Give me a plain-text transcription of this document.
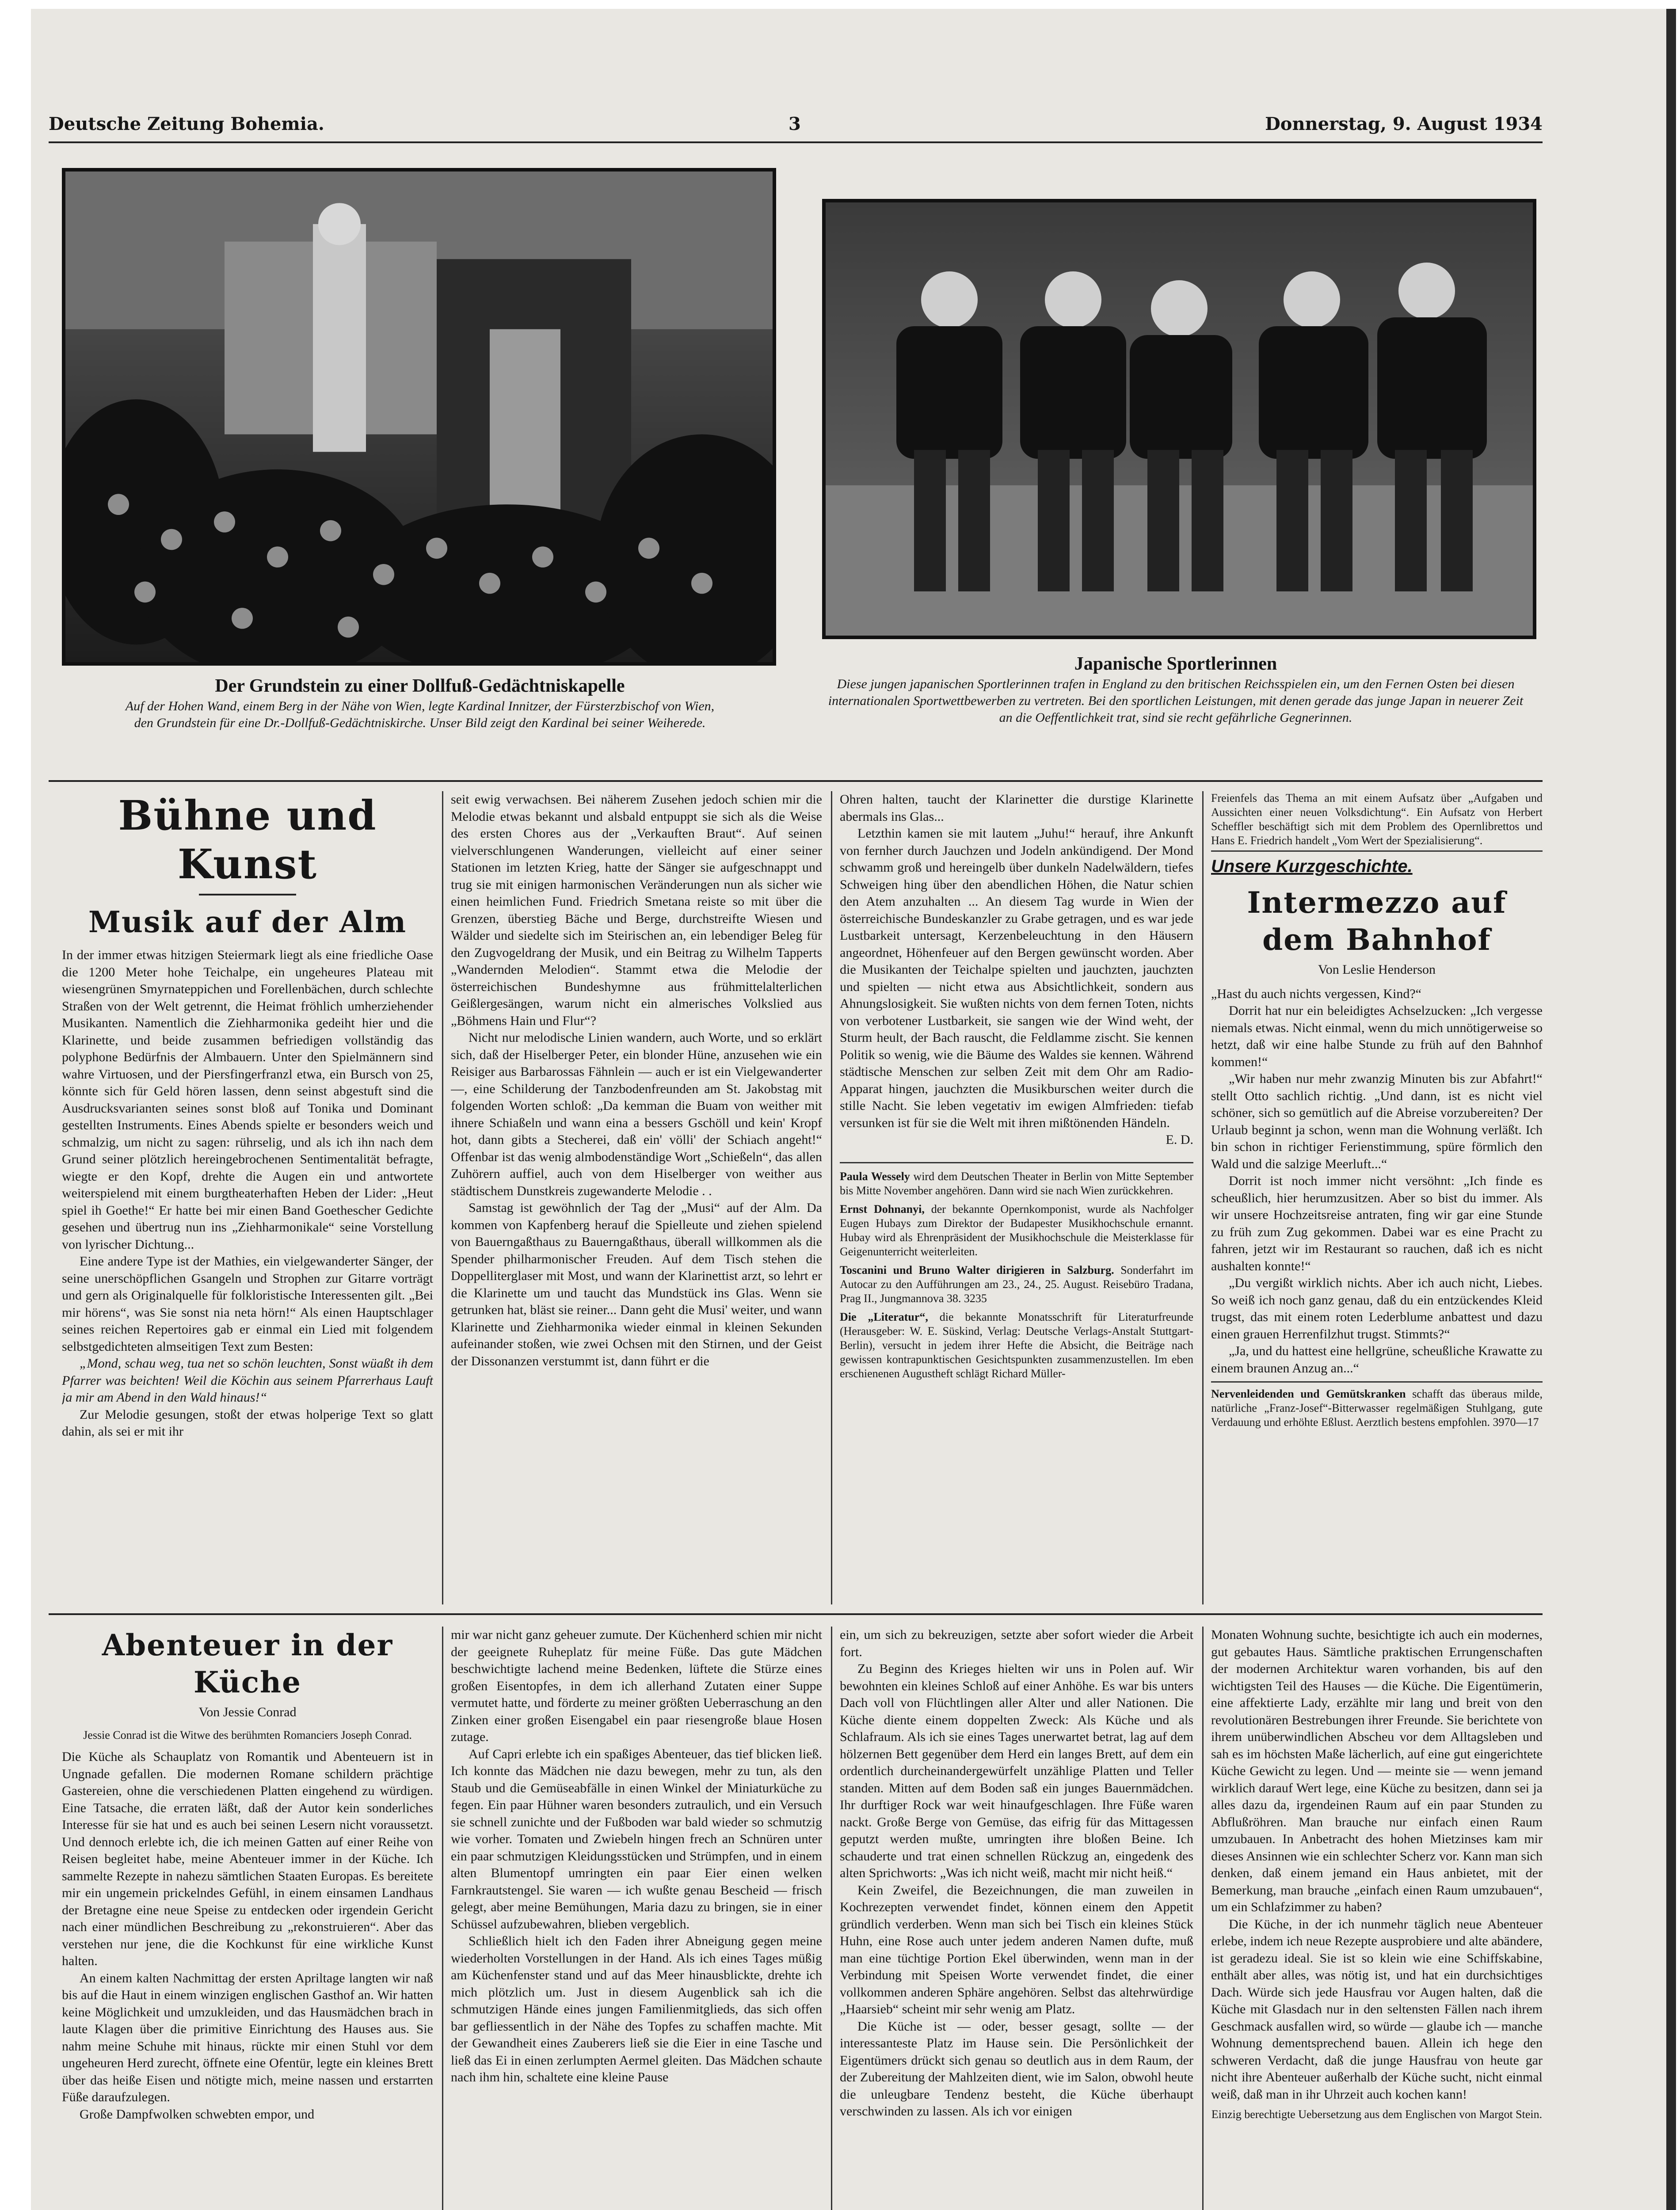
Deutsche Zeitung Bohemia.	3	Donnerstag, 9. August 1934
Der Grundstein zu einer Dollfuß-Gedächtniskapelle
Auf der Hohen Wand, einem Berg in der Nähe von Wien, legte Kardinal Innitzer, der Fürsterzbischof von Wien, den Grundstein für eine Dr.-Dollfuß-Gedächtniskirche. Unser Bild zeigt den Kardinal bei seiner Weiherede.
Japanische Sportlerinnen
Diese jungen japanischen Sportlerinnen trafen in England zu den britischen Reichsspielen ein, um den Fernen Osten bei diesen internationalen Sportwettbewerben zu vertreten. Bei den sportlichen Leistungen, mit denen gerade das junge Japan in neuerer Zeit an die Oeffentlichkeit trat, sind sie recht gefährliche Gegnerinnen.
Bühne und Kunst
Musik auf der Alm

In der immer etwas hitzigen Steiermark liegt als eine friedliche Oase die 1200 Meter hohe Teichalpe, ein ungeheures Plateau mit wiesengrünen Smyrnateppichen und Forellenbächen, durch schlechte Straßen von der Welt getrennt, die Heimat fröhlich umherziehender Musikanten. Namentlich die Ziehharmonika gedeiht hier und die Klarinette, und beide zusammen befriedigen vollständig das polyphone Bedürfnis der Almbauern. Unter den Spielmännern sind wahre Virtuosen, und der Piersfingerfranzl etwa, ein Bursch von 25, könnte sich für Geld hören lassen, denn seinst abgestuft sind die Ausdrucksvarianten seines sonst bloß auf Tonika und Dominant gestellten Instruments. Eines Abends spielte er besonders weich und schmalzig, um nicht zu sagen: rührselig, und als ich ihn nach dem Grund seiner plötzlich hereingebrochenen Sentimentalität befragte, wiegte er den Kopf, drehte die Augen ein und antwortete weiterspielend mit einem burgtheaterhaften Heben der Lider: „Heut spiel ih Goethe!“ Er hatte bei mir einen Band Goethescher Gedichte gesehen und übertrug nun ins „Ziehharmonikale“ seine Vorstellung von lyrischer Dichtung...

Eine andere Type ist der Mathies, ein vielgewanderter Sänger, der seine unerschöpflichen Gsangeln und Strophen zur Gitarre vorträgt und gern als Originalquelle für folkloristische Interessenten gilt. „Bei mir hörens“, was Sie sonst nia neta hörn!“ Als einen Hauptschlager seines reichen Repertoires gab er einmal ein Lied mit folgendem selbstgedichteten almseitigen Text zum Besten:

„Mond, schau weg, tua net so schön leuchten, Sonst wüaßt ih dem Pfarrer was beichten! Weil die Köchin aus seinem Pfarrerhaus Lauft ja mir am Abend in den Wald hinaus!“

Zur Melodie gesungen, stoßt der etwas holperige Text so glatt dahin, als sei er mit ihr

seit ewig verwachsen. Bei näherem Zusehen jedoch schien mir die Melodie etwas bekannt und alsbald entpuppt sie sich als die Weise des ersten Chores aus der „Verkauften Braut“. Auf seinen vielverschlungenen Wanderungen, vielleicht auf einer seiner Stationen im letzten Krieg, hatte der Sänger sie aufgeschnappt und trug sie mit einigen harmonischen Veränderungen nun als sicher wie einen heimlichen Fund. Friedrich Smetana reiste so mit über die Grenzen, überstieg Bäche und Berge, durchstreifte Wiesen und Wälder und siedelte sich im Steirischen an, ein lebendiger Beleg für den Zugvogeldrang der Musik, und ein Beitrag zu Wilhelm Tapperts „Wandernden Melodien“. Stammt etwa die Melodie der österreichischen Bundeshymne aus frühmittelalterlichen Geißlergesängen, warum nicht ein almerisches Volkslied aus „Böhmens Hain und Flur“?

Nicht nur melodische Linien wandern, auch Worte, und so erklärt sich, daß der Hiselberger Peter, ein blonder Hüne, anzusehen wie ein Reisiger aus Barbarossas Fähnlein — auch er ist ein Vielgewanderter —, eine Schilderung der Tanzbodenfreunden am St. Jakobstag mit folgenden Worten schloß: „Da kemman die Buam von weither mit ihnere Schiaßeln und wann eina a bessers Gschöll und kein' Kropf hot, dann gibts a Stecherei, daß ein' völli' der Schiach angeht!“ Offenbar ist das wenig almbodenständige Wort „Schießeln“, das allen Zuhörern auffiel, auch von dem Hiselberger von weither aus städtischem Dunstkreis zugewanderte Melodie . .

Samstag ist gewöhnlich der Tag der „Musi“ auf der Alm. Da kommen von Kapfenberg herauf die Spielleute und ziehen spielend von Bauerngaßthaus zu Bauerngaßthaus, überall willkommen als die Spender philharmonischer Freuden. Auf dem Tisch stehen die Doppelliterglaser mit Most, und wann der Klarinettist arzt, so lehrt er die Klarinette um und taucht das Mundstück ins Glas. Wenn sie getrunken hat, bläst sie reiner... Dann geht die Musi' weiter, und wann Klarinette und Ziehharmonika wieder einmal in kleinen Sekunden aufeinander stoßen, wie zwei Ochsen mit den Stirnen, und der Geist der Dissonanzen verstummt ist, dann führt er die

Ohren halten, taucht der Klarinetter die durstige Klarinette abermals ins Glas...

Letzthin kamen sie mit lautem „Juhu!“ herauf, ihre Ankunft von fernher durch Jauchzen und Jodeln ankündigend. Der Mond schwamm groß und hereingelb über dunkeln Nadelwäldern, tiefes Schweigen hing über den abendlichen Höhen, die Natur schien den Atem anzuhalten ... An diesem Tag wurde in Wien der österreichische Bundeskanzler zu Grabe getragen, und es war jede Lustbarkeit untersagt, Kerzenbeleuchtung in den Häusern angeordnet, Höhenfeuer auf den Bergen gewünscht worden. Aber die Musikanten der Teichalpe spielten und jauchzten, jauchzten und spielten — nicht etwa aus Absichtlichkeit, sondern aus Ahnungslosigkeit. Sie wußten nichts von dem fernen Toten, nichts von verbotener Lustbarkeit, sie sangen wie der Wind weht, der Sturm heult, der Bach rauscht, die Feldlamme zischt. Sie kennen Politik so wenig, wie die Bäume des Waldes sie kennen. Während städtische Menschen zur selben Zeit mit dem Ohr am Radio-Apparat hingen, jauchzten die Musikburschen weiter durch die stille Nacht. Sie leben vegetativ im ewigen Almfrieden: tiefab versunken ist für sie die Welt mit ihren mißtönenden Händeln.

E. D.

Paula Wessely wird dem Deutschen Theater in Berlin von Mitte September bis Mitte November angehören. Dann wird sie nach Wien zurückkehren.

Ernst Dohnanyi, der bekannte Opernkomponist, wurde als Nachfolger Eugen Hubays zum Direktor der Budapester Musikhochschule ernannt. Hubay wird als Ehrenpräsident der Musikhochschule die Meisterklasse für Geigenunterricht weiterleiten.

Toscanini und Bruno Walter dirigieren in Salzburg. Sonderfahrt im Autocar zu den Aufführungen am 23., 24., 25. August. Reisebüro Tradana, Prag II., Jungmannova 38. 3235

Die „Literatur“, die bekannte Monatsschrift für Literaturfreunde (Herausgeber: W. E. Süskind, Verlag: Deutsche Verlags-Anstalt Stuttgart-Berlin), versucht in jedem ihrer Hefte die Absicht, die Beiträge nach gewissen kontrapunktischen Gesichtspunkten zusammenzustellen. Im eben erschienenen Augustheft schlägt Richard Müller-

Freienfels das Thema an mit einem Aufsatz über „Aufgaben und Aussichten einer neuen Volksdichtung“. Ein Aufsatz von Herbert Scheffler beschäftigt sich mit dem Problem des Opernlibrettos und Hans E. Friedrich handelt „Vom Wert der Spezialisierung“.

Unsere Kurzgeschichte.
Intermezzo auf dem Bahnhof
Von Leslie Henderson

„Hast du auch nichts vergessen, Kind?“

Dorrit hat nur ein beleidigtes Achselzucken: „Ich vergesse niemals etwas. Nicht einmal, wenn du mich unnötigerweise so hetzt, daß wir eine halbe Stunde zu früh auf den Bahnhof kommen!“

„Wir haben nur mehr zwanzig Minuten bis zur Abfahrt!“ stellt Otto sachlich richtig. „Und dann, ist es nicht viel schöner, sich so gemütlich auf die Abreise vorzubereiten? Der Urlaub beginnt ja schon, wenn man die Wohnung verläßt. Ich bin schon in richtiger Ferienstimmung, spüre förmlich den Wald und die salzige Meerluft...“

Dorrit ist noch immer nicht versöhnt: „Ich finde es scheußlich, hier herumzusitzen. Aber so bist du immer. Als wir unsere Hochzeitsreise antraten, fing wir gar eine Stunde zu früh zum Zug gekommen. Dabei war es eine Pracht zu fahren, jetzt wir im Restaurant so rauchen, daß ich es nicht aushalten konnte!“

„Du vergißt wirklich nichts. Aber ich auch nicht, Liebes. So weiß ich noch ganz genau, daß du ein entzückendes Kleid trugst, das mit einem roten Lederblume anbattest und dazu einen grauen Herrenfilzhut trugst. Stimmts?“

„Ja, und du hattest eine hellgrüne, scheußliche Krawatte zu einem braunen Anzug an...“

Nervenleidenden und Gemütskranken schafft das überaus milde, natürliche „Franz-Josef“-Bitterwasser regelmäßigen Stuhlgang, gute Verdauung und erhöhte Eßlust. Aerztlich bestens empfohlen. 3970—17

Abenteuer in der Küche
Von Jessie Conrad
Jessie Conrad ist die Witwe des berühmten Romanciers Joseph Conrad.

Die Küche als Schauplatz von Romantik und Abenteuern ist in Ungnade gefallen. Die modernen Romane schildern prächtige Gastereien, ohne die verschiedenen Platten eingehend zu würdigen. Eine Tatsache, die erraten läßt, daß der Autor kein sonderliches Interesse für sie hat und es auch bei seinen Lesern nicht voraussetzt. Und dennoch erlebte ich, die ich meinen Gatten auf einer Reihe von Reisen begleitet habe, meine Abenteuer immer in der Küche. Ich sammelte Rezepte in nahezu sämtlichen Staaten Europas. Es bereitete mir ein ungemein prickelndes Gefühl, in einem einsamen Landhaus der Bretagne eine neue Speise zu entdecken oder irgendein Gericht nach einer mündlichen Beschreibung zu „rekonstruieren“. Aber das verstehen nur jene, die die Kochkunst für eine wirkliche Kunst halten.

An einem kalten Nachmittag der ersten Apriltage langten wir naß bis auf die Haut in einem winzigen englischen Gasthof an. Wir hatten keine Möglichkeit und umzukleiden, und das Hausmädchen brach in laute Klagen über die primitive Einrichtung des Hauses aus. Sie nahm meine Schuhe mit hinaus, rückte mir einen Stuhl vor dem ungeheuren Herd zurecht, öffnete eine Ofentür, legte ein kleines Brett über das heiße Eisen und nötigte mich, meine nassen und erstarrten Füße daraufzulegen.

Große Dampfwolken schwebten empor, und

mir war nicht ganz geheuer zumute. Der Küchenherd schien mir nicht der geeignete Ruheplatz für meine Füße. Das gute Mädchen beschwichtigte lachend meine Bedenken, lüftete die Stürze eines großen Eisentopfes, in dem ich allerhand Zutaten einer Suppe vermutet hatte, und förderte zu meiner größten Ueberraschung an den Zinken einer großen Eisengabel ein paar riesengroße blaue Hosen zutage.

Auf Capri erlebte ich ein spaßiges Abenteuer, das tief blicken ließ. Ich konnte das Mädchen nie dazu bewegen, mehr zu tun, als den Staub und die Gemüseabfälle in einen Winkel der Miniaturküche zu fegen. Ein paar Hühner waren besonders zutraulich, und ein Versuch sie schnell zunichte und der Fußboden war bald wieder so schmutzig wie vorher. Tomaten und Zwiebeln hingen frech an Schnüren unter ein paar schmutzigen Kleidungsstücken und Strümpfen, und in einem alten Blumentopf umringten ein paar Eier einen welken Farnkrautstengel. Sie waren — ich wußte genau Bescheid — frisch gelegt, aber meine Bemühungen, Maria dazu zu bringen, sie in einer Schüssel aufzubewahren, blieben vergeblich.

Schließlich hielt ich den Faden ihrer Abneigung gegen meine wiederholten Vorstellungen in der Hand. Als ich eines Tages müßig am Küchenfenster stand und auf das Meer hinausblickte, drehte ich mich plötzlich um. Just in diesem Augenblick sah ich die schmutzigen Hände eines jungen Familienmitglieds, das sich offen bar gefliessentlich in der Nähe des Topfes zu schaffen machte. Mit der Gewandheit eines Zauberers ließ sie die Eier in eine Tasche und ließ das Ei in einen zerlumpten Aermel gleiten. Das Mädchen schaute nach ihm hin, schaltete eine kleine Pause

ein, um sich zu bekreuzigen, setzte aber sofort wieder die Arbeit fort.

Zu Beginn des Krieges hielten wir uns in Polen auf. Wir bewohnten ein kleines Schloß auf einer Anhöhe. Es war bis unters Dach voll von Flüchtlingen aller Alter und aller Nationen. Die Küche diente einem doppelten Zweck: Als Küche und als Schlafraum. Als ich sie eines Tages unerwartet betrat, lag auf dem hölzernen Bett gegenüber dem Herd ein langes Brett, auf dem ein ordentlich durcheinandergewürfelt unzählige Platten und Teller standen. Mitten auf dem Boden saß ein junges Bauernmädchen. Ihr durftiger Rock war weit hinaufgeschlagen. Ihre Füße waren nackt. Große Berge von Gemüse, das eifrig für das Mittagessen geputzt werden mußte, umringten ihre bloßen Beine. Ich schauderte und trat einen schnellen Rückzug an, eingedenk des alten Sprichworts: „Was ich nicht weiß, macht mir nicht heiß.“

Kein Zweifel, die Bezeichnungen, die man zuweilen in Kochrezepten verwendet findet, können einem den Appetit gründlich verderben. Wenn man sich bei Tisch ein kleines Stück Huhn, eine Rose auch unter jedem anderen Namen dufte, muß man eine tüchtige Portion Ekel überwinden, wenn man in der Verbindung mit Speisen Worte verwendet findet, die einer vollkommen anderen Sphäre angehören. Selbst das altehrwürdige „Haarsieb“ scheint mir sehr wenig am Platz.

Die Küche ist — oder, besser gesagt, sollte — der interessanteste Platz im Hause sein. Die Persönlichkeit der Eigentümers drückt sich genau so deutlich aus in dem Raum, der der Zubereitung der Mahlzeiten dient, wie im Salon, obwohl heute die unleugbare Tendenz besteht, die Küche überhaupt verschwinden zu lassen. Als ich vor einigen

Monaten Wohnung suchte, besichtigte ich auch ein modernes, gut gebautes Haus. Sämtliche praktischen Errungenschaften der modernen Architektur waren vorhanden, bis auf den wichtigsten Teil des Hauses — die Küche. Die Eigentümerin, eine affektierte Lady, erzählte mir lang und breit von den revolutionären Bestrebungen ihrer Freunde. Sie berichtete von ihrem unüberwindlichen Abscheu vor dem Alltagsleben und sah es im höchsten Maße lächerlich, auf eine gut eingerichtete Küche Gewicht zu legen. Und — meinte sie — wenn jemand wirklich darauf Wert lege, eine Küche zu besitzen, dann sei ja alles dazu da, irgendeinen Raum auf ein paar Stunden zu Abflußröhren. Man brauche nur einfach einen Raum umzubauen. In Anbetracht des hohen Mietzinses kam mir dieses Ansinnen wie ein schlechter Scherz vor. Kann man sich denken, daß einem jemand ein Haus anbietet, mit der Bemerkung, man brauche „einfach einen Raum umzubauen“, um ein Schlafzimmer zu haben?

Die Küche, in der ich nunmehr täglich neue Abenteuer erlebe, indem ich neue Rezepte ausprobiere und alte abändere, ist geradezu ideal. Sie ist so klein wie eine Schiffskabine, enthält aber alles, was nötig ist, und hat ein durchsichtiges Dach. Würde sich jede Hausfrau vor Augen halten, daß die Küche mit Glasdach nur in den seltensten Fällen nach ihrem Geschmack ausfallen wird, so würde — glaube ich — manche Wohnung dementsprechend bauen. Allein ich hege den schweren Verdacht, daß die junge Hausfrau von heute gar nicht ihre Abenteuer außerhalb der Küche sucht, nicht einmal weiß, daß man in ihr Uhrzeit auch kochen kann!

Einzig berechtigte Uebersetzung aus dem Englischen von Margot Stein.
